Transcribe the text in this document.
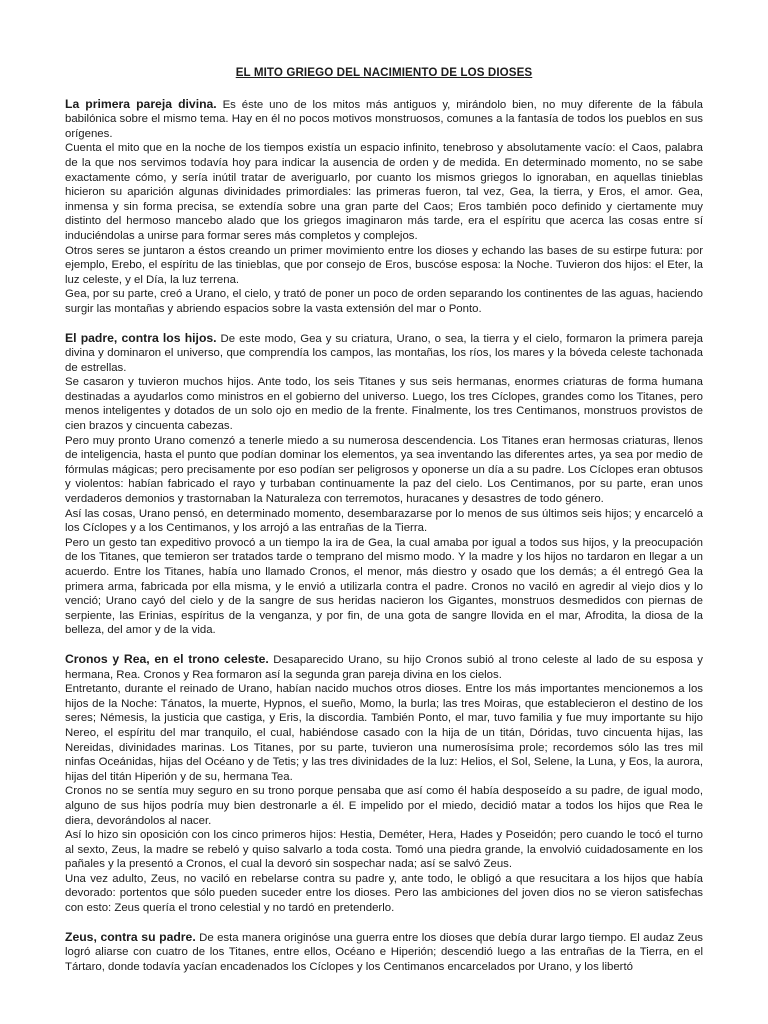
EL MITO GRIEGO DEL NACIMIENTO DE LOS DIOSES

La primera pareja divina. Es éste uno de los mitos más antiguos y, mirándolo bien, no muy diferente de la fábula babilónica sobre el mismo tema. Hay en él no pocos motivos monstruosos, comunes a la fantasía de todos los pueblos en sus orígenes.

Cuenta el mito que en la noche de los tiempos existía un espacio infinito, tenebroso y absolutamente vacío: el Caos, palabra de la que nos servimos todavía hoy para indicar la ausencia de orden y de medida. En determinado momento, no se sabe exactamente cómo, y sería inútil tratar de averiguarlo, por cuanto los mismos griegos lo ignoraban, en aquellas tinieblas hicieron su aparición algunas divinidades primordiales: las primeras fueron, tal vez, Gea, la tierra, y Eros, el amor. Gea, inmensa y sin forma precisa, se extendía sobre una gran parte del Caos; Eros también poco definido y ciertamente muy distinto del hermoso mancebo alado que los griegos imaginaron más tarde, era el espíritu que acerca las cosas entre sí induciéndolas a unirse para formar seres más completos y complejos.

Otros seres se juntaron a éstos creando un primer movimiento entre los dioses y echando las bases de su estirpe futura: por ejemplo, Erebo, el espíritu de las tinieblas, que por consejo de Eros, buscóse esposa: la Noche. Tuvieron dos hijos: el Eter, la luz celeste, y el Día, la luz terrena.

Gea, por su parte, creó a Urano, el cielo, y trató de poner un poco de orden separando los continentes de las aguas, haciendo surgir las montañas y abriendo espacios sobre la vasta extensión del mar o Ponto.

El padre, contra los hijos. De este modo, Gea y su criatura, Urano, o sea, la tierra y el cielo, formaron la primera pareja divina y dominaron el universo, que comprendía los campos, las montañas, los ríos, los mares y la bóveda celeste tachonada de estrellas.

Se casaron y tuvieron muchos hijos. Ante todo, los seis Titanes y sus seis hermanas, enormes criaturas de forma humana destinadas a ayudarlos como ministros en el gobierno del universo. Luego, los tres Cíclopes, grandes como los Titanes, pero menos inteligentes y dotados de un solo ojo en medio de la frente. Finalmente, los tres Centimanos, monstruos provistos de cien brazos y cincuenta cabezas.

Pero muy pronto Urano comenzó a tenerle miedo a su numerosa descendencia. Los Titanes eran hermosas criaturas, llenos de inteligencia, hasta el punto que podían dominar los elementos, ya sea inventando las diferentes artes, ya sea por medio de fórmulas mágicas; pero precisamente por eso podían ser peligrosos y oponerse un día a su padre. Los Cíclopes eran obtusos y violentos: habían fabricado el rayo y turbaban continuamente la paz del cielo. Los Centimanos, por su parte, eran unos verdaderos demonios y trastornaban la Naturaleza con terremotos, huracanes y desastres de todo género.

Así las cosas, Urano pensó, en determinado momento, desembarazarse por lo menos de sus últimos seis hijos; y encarceló a los Cíclopes y a los Centimanos, y los arrojó a las entrañas de la Tierra.

Pero un gesto tan expeditivo provocó a un tiempo la ira de Gea, la cual amaba por igual a todos sus hijos, y la preocupación de los Titanes, que temieron ser tratados tarde o temprano del mismo modo. Y la madre y los hijos no tardaron en llegar a un acuerdo. Entre los Titanes, había uno llamado Cronos, el menor, más diestro y osado que los demás; a él entregó Gea la primera arma, fabricada por ella misma, y le envió a utilizarla contra el padre. Cronos no vaciló en agredir al viejo dios y lo venció; Urano cayó del cielo y de la sangre de sus heridas nacieron los Gigantes, monstruos desmedidos con piernas de serpiente, las Erinias, espíritus de la venganza, y por fin, de una gota de sangre llovida en el mar, Afrodita, la diosa de la belleza, del amor y de la vida.

Cronos y Rea, en el trono celeste. Desaparecido Urano, su hijo Cronos subió al trono celeste al lado de su esposa y hermana, Rea. Cronos y Rea formaron así la segunda gran pareja divina en los cielos.

Entretanto, durante el reinado de Urano, habían nacido muchos otros dioses. Entre los más importantes mencionemos a los hijos de la Noche: Tánatos, la muerte, Hypnos, el sueño, Momo, la burla; las tres Moiras, que establecieron el destino de los seres; Némesis, la justicia que castiga, y Eris, la discordia. También Ponto, el mar, tuvo familia y fue muy importante su hijo Nereo, el espíritu del mar tranquilo, el cual, habiéndose casado con la hija de un titán, Dóridas, tuvo cincuenta hijas, las Nereidas, divinidades marinas. Los Titanes, por su parte, tuvieron una numerosísima prole; recordemos sólo las tres mil ninfas Oceánidas, hijas del Océano y de Tetis; y las tres divinidades de la luz: Helios, el Sol, Selene, la Luna, y Eos, la aurora, hijas del titán Hiperión y de su, hermana Tea.

Cronos no se sentía muy seguro en su trono porque pensaba que así como él había desposeído a su padre, de igual modo, alguno de sus hijos podría muy bien destronarle a él. E impelido por el miedo, decidió matar a todos los hijos que Rea le diera, devorándolos al nacer.

Así lo hizo sin oposición con los cinco primeros hijos: Hestia, Deméter, Hera, Hades y Poseidón; pero cuando le tocó el turno al sexto, Zeus, la madre se rebeló y quiso salvarlo a toda costa. Tomó una piedra grande, la envolvió cuidadosamente en los pañales y la presentó a Cronos, el cual la devoró sin sospechar nada; así se salvó Zeus.

Una vez adulto, Zeus, no vaciló en rebelarse contra su padre y, ante todo, le obligó a que resucitara a los hijos que había devorado: portentos que sólo pueden suceder entre los dioses. Pero las ambiciones del joven dios no se vieron satisfechas con esto: Zeus quería el trono celestial y no tardó en pretenderlo.

Zeus, contra su padre. De esta manera originóse una guerra entre los dioses que debía durar largo tiempo. El audaz Zeus logró aliarse con cuatro de los Titanes, entre ellos, Océano e Hiperión; descendió luego a las entrañas de la Tierra, en el Tártaro, donde todavía yacían encadenados los Cíclopes y los Centimanos encarcelados por Urano, y los libertó
